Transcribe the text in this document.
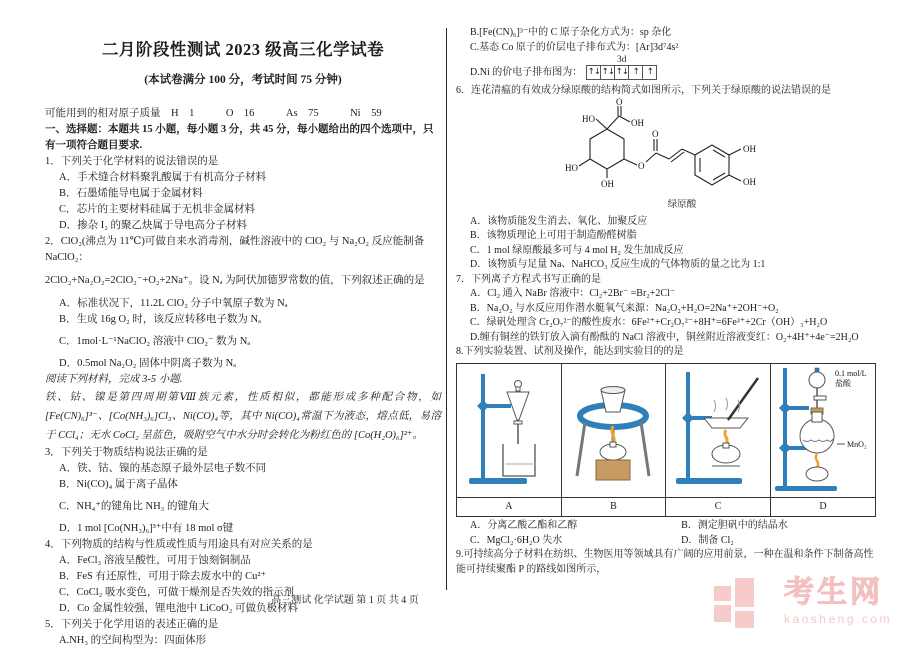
二月阶段性测试 2023 级高三化学试卷
(本试卷满分 100 分，考试时间 75 分钟)
可能用到的相对原子质量　H　1　　　O　16　　　As　75　　　Ni　59
一、选择题：本题共 15 小题，每小题 3 分，共 45 分，每小题给出的四个选项中，只有一项符合题目要求.
1．下列关于化学材料的说法错误的是
A．手术缝合材料聚乳酸属于有机高分子材料
B．石墨烯能导电属于金属材料
C．芯片的主要材料硅属于无机非金属材料
D．掺杂 I₂ 的聚乙炔属于导电高分子材料
2．ClO₂(沸点为 11℃)可做自来水消毒剂，碱性溶液中的 ClO₂ 与 Na₂O₂ 反应能制备 NaClO₂：
2ClO₂+Na₂O₂=2ClO₂⁻+O₂+2Na⁺。设 Nₐ 为阿伏加德罗常数的值，下列叙述正确的是
A．标准状况下，11.2L ClO₂ 分子中氧原子数为 Nₐ
B．生成 16g O₂ 时，该反应转移电子数为 Nₐ
C．1mol·L⁻¹NaClO₂ 溶液中 ClO₂⁻ 数为 Nₐ
D．0.5mol Na₂O₂ 固体中阴离子数为 Nₐ
阅读下列材料，完成 3-5 小题.
铁、钴、镍是第四周期第Ⅷ族元素，性质相似，都能形成多种配合物，如[Fe(CN)₆]³⁻、[Co(NH₃)₆]Cl₃、Ni(CO)₄等，其中 Ni(CO)₄常温下为液态，熔点低，易溶于 CCl₄；无水 CoCl₂ 呈蓝色，吸附空气中水分时会转化为粉红色的 [Co(H₂O)₆]²⁺。
3．下列关于物质结构说法正确的是
A．铁、钴、镍的基态原子最外层电子数不同
B．Ni(CO)₄ 属于离子晶体
C．NH₄⁺的键角比 NH₃ 的键角大
D．1 mol [Co(NH₃)₆]³⁺中有 18 mol σ键
4．下列物质的结构与性质或性质与用途具有对应关系的是
A．FeCl₃ 溶液呈酸性，可用于蚀刻铜制品
B．FeS 有还原性，可用于除去废水中的 Cu²⁺
C．CoCl₂ 吸水变色，可做干燥剂是否失效的指示剂
D．Co 金属性较强，锂电池中 LiCoO₂ 可做负极材料
5．下列关于化学用语的表述正确的是
A.NH₃ 的空间构型为：四面体形
B.[Fe(CN)₆]³⁻中的 C 原子杂化方式为：sp 杂化
C.基态 Co 原子的价层电子排布式为：[Ar]3d⁷4s²
D.Ni 的价电子排布图为：
3d
↑↓ ↑↓ ↑↓ ↑ ↑
6．连花清瘟的有效成分绿原酸的结构简式如图所示，下列关于绿原酸的说法错误的是
HO
O
OH
HO
OH
O
O
OH
OH
绿原酸
A．该物质能发生消去、氧化、加聚反应
B．该物质理论上可用于制造酚醛树脂
C．1 mol 绿原酸最多可与 4 mol H₂ 发生加成反应
D．该物质与足量 Na、NaHCO₃ 反应生成的气体物质的量之比为 1:1
7．下列离子方程式书写正确的是
A．Cl₂ 通入 NaBr 溶液中：Cl₂+2Br⁻ =Br₂+2Cl⁻
B．Na₂O₂ 与水反应用作潜水艇氧气来源：Na₂O₂+H₂O=2Na⁺+2OH⁻+O₂
C．绿矾处理含 Cr₂O₇²⁻的酸性废水：6Fe²⁺+Cr₂O₇²⁻+8H⁺=6Fe³⁺+2Cr（OH）₃+H₂O
D.缠有铜丝的铁钉放入滴有酚酞的 NaCl 溶液中，铜丝附近溶液变红：O₂+4H⁺+4e⁻=2H₂O
8.下列实验装置、试剂及操作，能达到实验目的的是

0.1 mol/L
盐酸
MnO₂

A	B	C	D
A．分离乙酸乙酯和乙醇	B．测定胆矾中的结晶水
C．MgCl₂·6H₂O 失水	D．制备 Cl₂
9.可持续高分子材料在纺织、生物医用等领域具有广阔的应用前景，一种在温和条件下制备高性能可持续聚酯 P 的路线如图所示，
高三测试 化学试题 第 1 页 共 4 页	考生网
kaosheng.com
